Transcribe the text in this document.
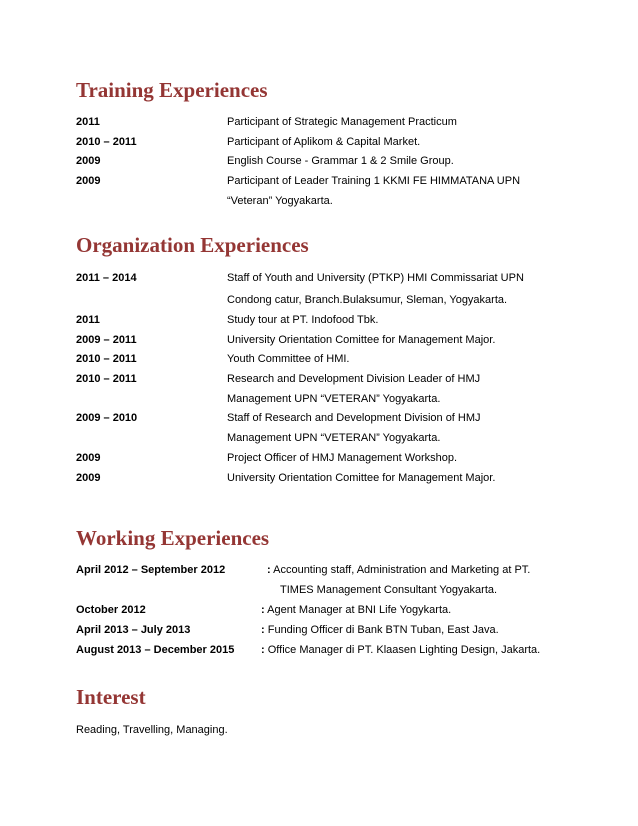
Training Experiences
2011	Participant of Strategic Management Practicum
2010 – 2011	Participant of Aplikom & Capital Market.
2009	English Course - Grammar 1 & 2 Smile Group.
2009	Participant of Leader Training 1 KKMI FE HIMMATANA UPN
“Veteran” Yogyakarta.
Organization Experiences
2011 – 2014	Staff of Youth and University (PTKP) HMI Commissariat UPN
Condong catur, Branch.Bulaksumur, Sleman, Yogyakarta.
2011	Study tour at PT. Indofood Tbk.
2009 – 2011	University Orientation Comittee for Management Major.
2010 – 2011	Youth Committee of HMI.
2010 – 2011	Research and Development Division Leader of HMJ
Management UPN “VETERAN” Yogyakarta.
2009 – 2010	Staff of Research and Development Division of HMJ
Management UPN “VETERAN” Yogyakarta.
2009	Project Officer of HMJ Management Workshop.
2009	University Orientation Comittee for Management Major.
Working Experiences
April 2012 – September 2012	: Accounting staff, Administration and Marketing at PT.
TIMES Management Consultant Yogyakarta.
October 2012	: Agent Manager at BNI Life Yogykarta.
April 2013 – July 2013	: Funding Officer di Bank BTN Tuban, East Java.
August 2013 – December 2015 : Office Manager di PT. Klaasen Lighting Design, Jakarta.
Interest
Reading, Travelling, Managing.
